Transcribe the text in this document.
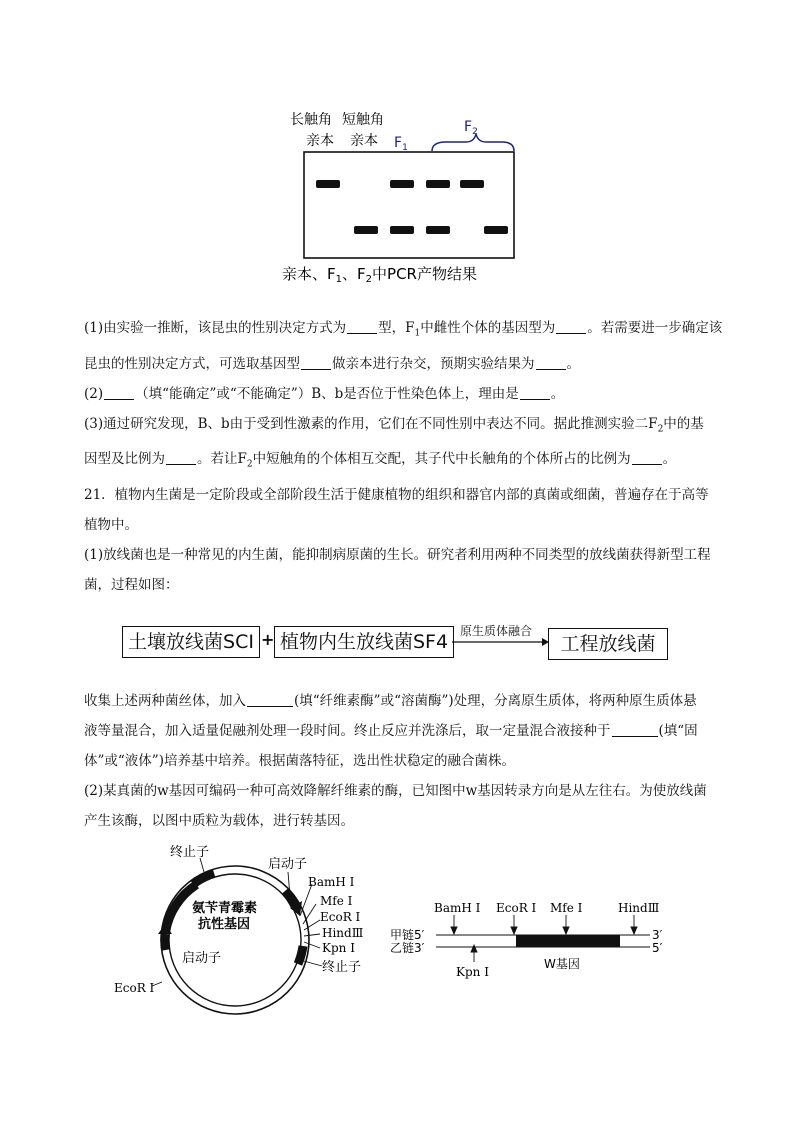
长触角 短触角
亲本 亲本 $F_1$
$F_2$
亲本、$F_1$、$F_2$中PCR产物结果
(1)由实验一推断，该昆虫的性别决定方式为 型，$F_1$中雌性个体的基因型为 。若需要进一步确定该
昆虫的性别决定方式，可选取基因型 做亲本进行杂交，预期实验结果为 。
(2) （填“能确定”或“不能确定”）B、b是否位于性染色体上，理由是 。
(3)通过研究发现，B、b由于受到性激素的作用，它们在不同性别中表达不同。据此推测实验二$F_2$中的基
因型及比例为 。若让$F_2$中短触角的个体相互交配，其子代中长触角的个体所占的比例为 。
21．植物内生菌是一定阶段或全部阶段生活于健康植物的组织和器官内部的真菌或细菌，普遍存在于高等
植物中。
(1)放线菌也是一种常见的内生菌，能抑制病原菌的生长。研究者利用两种不同类型的放线菌获得新型工程
菌，过程如图：
土壤放线菌SCI + 植物内生放线菌SF4 原生质体融合
工程放线菌
收集上述两种菌丝体，加入	(填“纤维素酶”或“溶菌酶”)处理，分离原生质体，将两种原生质体悬
液等量混合，加入适量促融剂处理一段时间。终止反应并洗涤后，取一定量混合液接种于	(填“固
体”或“液体”)培养基中培养。根据菌落特征，选出性状稳定的融合菌株。
(2)某真菌的w基因可编码一种可高效降解纤维素的酶，已知图中w基因转录方向是从左往右。为使放线菌
产生该酶，以图中质粒为载体，进行转基因。
终止子
启动子
BamH I
Mfe I
EcoR I
HindⅢ
Kpn I
终止子
氨苄青霉素
抗性基因
启动子
EcoR I
BamH I EcoR I Mfe I	HindⅢ
甲链5′
乙链3′
3′
5′
Kpn I
W基因
